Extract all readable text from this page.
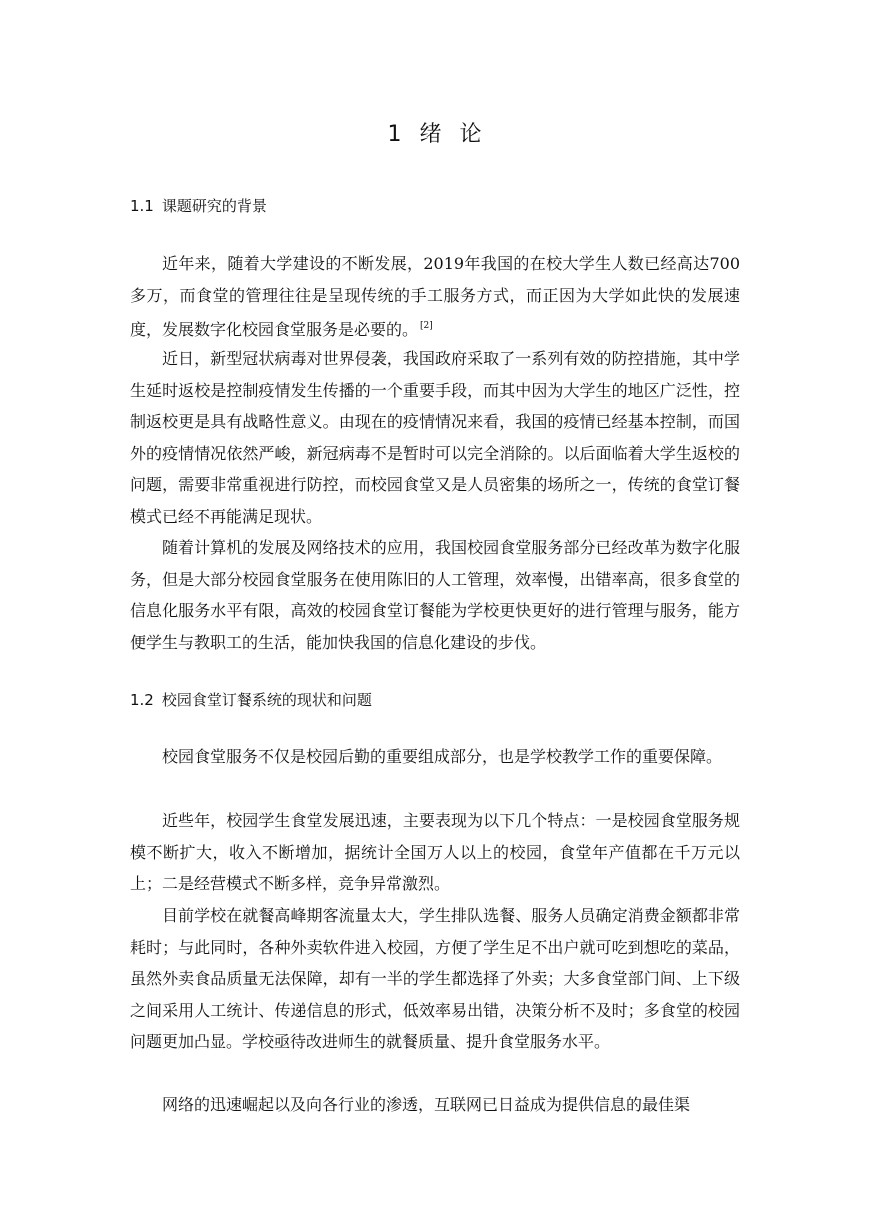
1 绪 论
1.1 课题研究的背景

近年来，随着大学建设的不断发展，2019年我国的在校大学生人数已经高达700多万，而食堂的管理往往是呈现传统的手工服务方式，而正因为大学如此快的发展速度，发展数字化校园食堂服务是必要的。 [2]

近日，新型冠状病毒对世界侵袭，我国政府采取了一系列有效的防控措施，其中学生延时返校是控制疫情发生传播的一个重要手段，而其中因为大学生的地区广泛性，控制返校更是具有战略性意义。由现在的疫情情况来看，我国的疫情已经基本控制，而国外的疫情情况依然严峻，新冠病毒不是暂时可以完全消除的。以后面临着大学生返校的问题，需要非常重视进行防控，而校园食堂又是人员密集的场所之一，传统的食堂订餐模式已经不再能满足现状。

随着计算机的发展及网络技术的应用，我国校园食堂服务部分已经改革为数字化服务，但是大部分校园食堂服务在使用陈旧的人工管理，效率慢，出错率高，很多食堂的信息化服务水平有限，高效的校园食堂订餐能为学校更快更好的进行管理与服务，能方便学生与教职工的生活，能加快我国的信息化建设的步伐。

1.2 校园食堂订餐系统的现状和问题

校园食堂服务不仅是校园后勤的重要组成部分，也是学校教学工作的重要保障。

近些年，校园学生食堂发展迅速，主要表现为以下几个特点：一是校园食堂服务规模不断扩大，收入不断增加，据统计全国万人以上的校园，食堂年产值都在千万元以上；二是经营模式不断多样，竞争异常激烈。

目前学校在就餐高峰期客流量太大，学生排队选餐、服务人员确定消费金额都非常耗时；与此同时，各种外卖软件进入校园，方便了学生足不出户就可吃到想吃的菜品，虽然外卖食品质量无法保障，却有一半的学生都选择了外卖；大多食堂部门间、上下级之间采用人工统计、传递信息的形式，低效率易出错，决策分析不及时；多食堂的校园问题更加凸显。学校亟待改进师生的就餐质量、提升食堂服务水平。

网络的迅速崛起以及向各行业的渗透，互联网已日益成为提供信息的最佳渠
